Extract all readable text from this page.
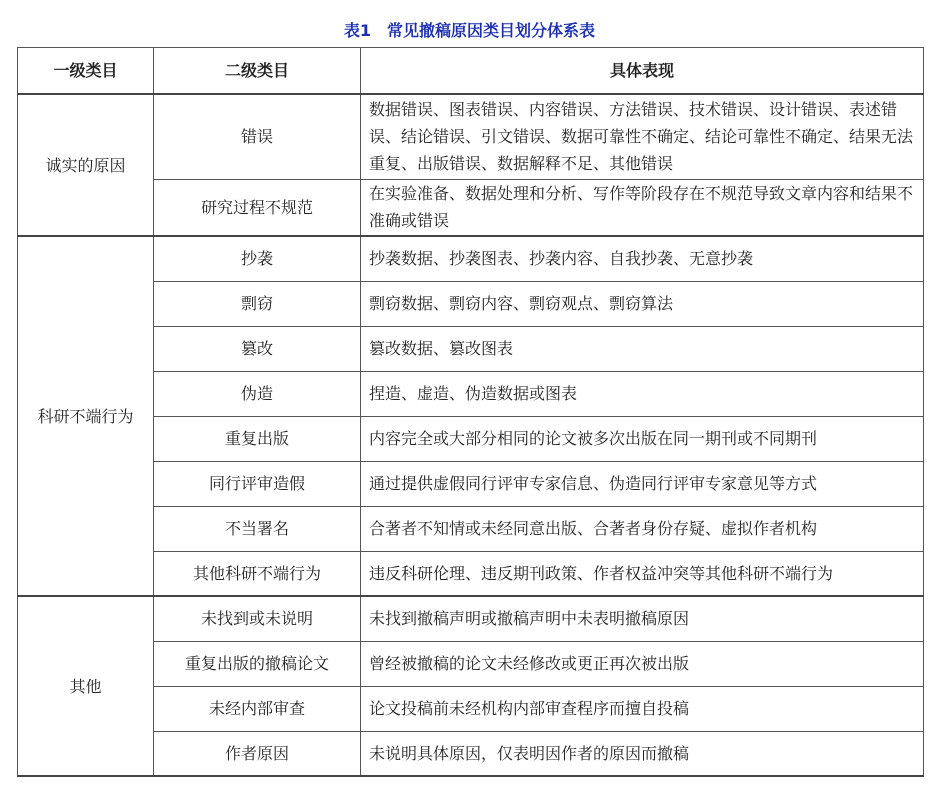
表1　常见撤稿原因类目划分体系表
一级类目	二级类目	具体表现
诚实的原因	错误	数据错误、图表错误、内容错误、方法错误、技术错误、设计错误、表述错误、结论错误、引文错误、数据可靠性不确定、结论可靠性不确定、结果无法重复、出版错误、数据解释不足、其他错误
	研究过程不规范	在实验准备、数据处理和分析、写作等阶段存在不规范导致文章内容和结果不准确或错误
科研不端行为	抄袭	抄袭数据、抄袭图表、抄袭内容、自我抄袭、无意抄袭
	剽窃	剽窃数据、剽窃内容、剽窃观点、剽窃算法
	篡改	篡改数据、篡改图表
	伪造	捏造、虚造、伪造数据或图表
	重复出版	内容完全或大部分相同的论文被多次出版在同一期刊或不同期刊
	同行评审造假	通过提供虚假同行评审专家信息、伪造同行评审专家意见等方式
	不当署名	合著者不知情或未经同意出版、合著者身份存疑、虚拟作者机构
	其他科研不端行为	违反科研伦理、违反期刊政策、作者权益冲突等其他科研不端行为
其他	未找到或未说明	未找到撤稿声明或撤稿声明中未表明撤稿原因
	重复出版的撤稿论文	曾经被撤稿的论文未经修改或更正再次被出版
	未经内部审查	论文投稿前未经机构内部审查程序而擅自投稿
	作者原因	未说明具体原因，仅表明因作者的原因而撤稿
